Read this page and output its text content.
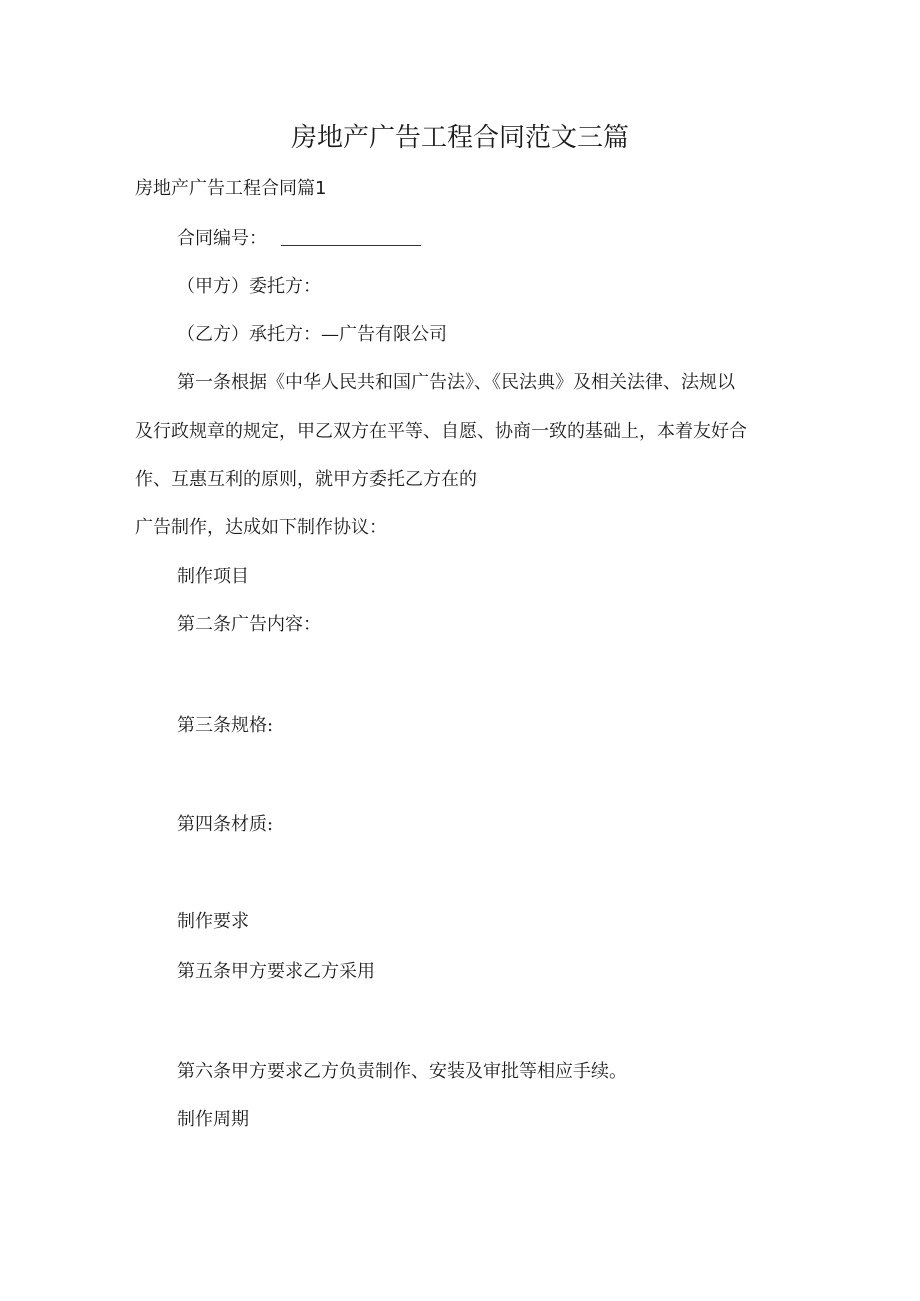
房地产广告工程合同范文三篇

房地产广告工程合同篇1

合同编号：

（甲方）委托方：

（乙方）承托方：—广告有限公司

第一条根据《中华人民共和国广告法》、《民法典》及相关法律、法规以

及行政规章的规定，甲乙双方在平等、自愿、协商一致的基础上，本着友好合

作、互惠互利的原则，就甲方委托乙方在的

广告制作，达成如下制作协议：

制作项目

第二条广告内容：

第三条规格:

第四条材质:

制作要求

第五条甲方要求乙方采用

第六条甲方要求乙方负责制作、安装及审批等相应手续。

制作周期
